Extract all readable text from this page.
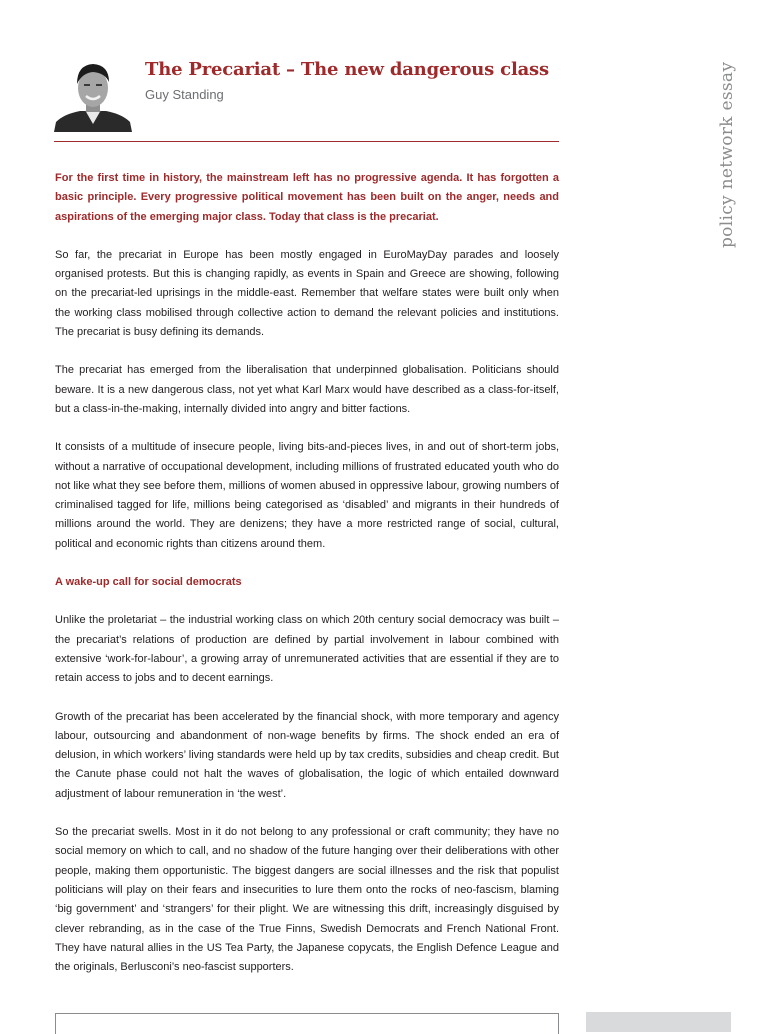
The Precariat – The new dangerous class
Guy Standing	policy network essay

For the first time in history, the mainstream left has no progressive agenda. It has forgotten a basic principle. Every progressive political movement has been built on the anger, needs and aspirations of the emerging major class. Today that class is the precariat.

So far, the precariat in Europe has been mostly engaged in EuroMayDay parades and loosely organised protests. But this is changing rapidly, as events in Spain and Greece are showing, following on the precariat-led uprisings in the middle-east. Remember that welfare states were built only when the working class mobilised through collective action to demand the relevant policies and institutions. The precariat is busy defining its demands.

The precariat has emerged from the liberalisation that underpinned globalisation. Politicians should beware. It is a new dangerous class, not yet what Karl Marx would have described as a class-for-itself, but a class-in-the-making, internally divided into angry and bitter factions.

It consists of a multitude of insecure people, living bits-and-pieces lives, in and out of short-term jobs, without a narrative of occupational development, including millions of frustrated educated youth who do not like what they see before them, millions of women abused in oppressive labour, growing numbers of criminalised tagged for life, millions being categorised as ‘disabled’ and migrants in their hundreds of millions around the world. They are denizens; they have a more restricted range of social, cultural, political and economic rights than citizens around them.

A wake-up call for social democrats

Unlike the proletariat – the industrial working class on which 20th century social democracy was built – the precariat’s relations of production are defined by partial involvement in labour combined with extensive ‘work-for-labour’, a growing array of unremunerated activities that are essential if they are to retain access to jobs and to decent earnings.

Growth of the precariat has been accelerated by the financial shock, with more temporary and agency labour, outsourcing and abandonment of non-wage benefits by firms. The shock ended an era of delusion, in which workers’ living standards were held up by tax credits, subsidies and cheap credit. But the Canute phase could not halt the waves of globalisation, the logic of which entailed downward adjustment of labour remuneration in ‘the west’.

So the precariat swells. Most in it do not belong to any professional or craft community; they have no social memory on which to call, and no shadow of the future hanging over their deliberations with other people, making them opportunistic. The biggest dangers are social illnesses and the risk that populist politicians will play on their fears and insecurities to lure them onto the rocks of neo-fascism, blaming ‘big government’ and ‘strangers’ for their plight. We are witnessing this drift, increasingly disguised by clever rebranding, as in the case of the True Finns, Swedish Democrats and French National Front. They have natural allies in the US Tea Party, the Japanese copycats, the English Defence League and the originals, Berlusconi’s neo-fascist supporters.
